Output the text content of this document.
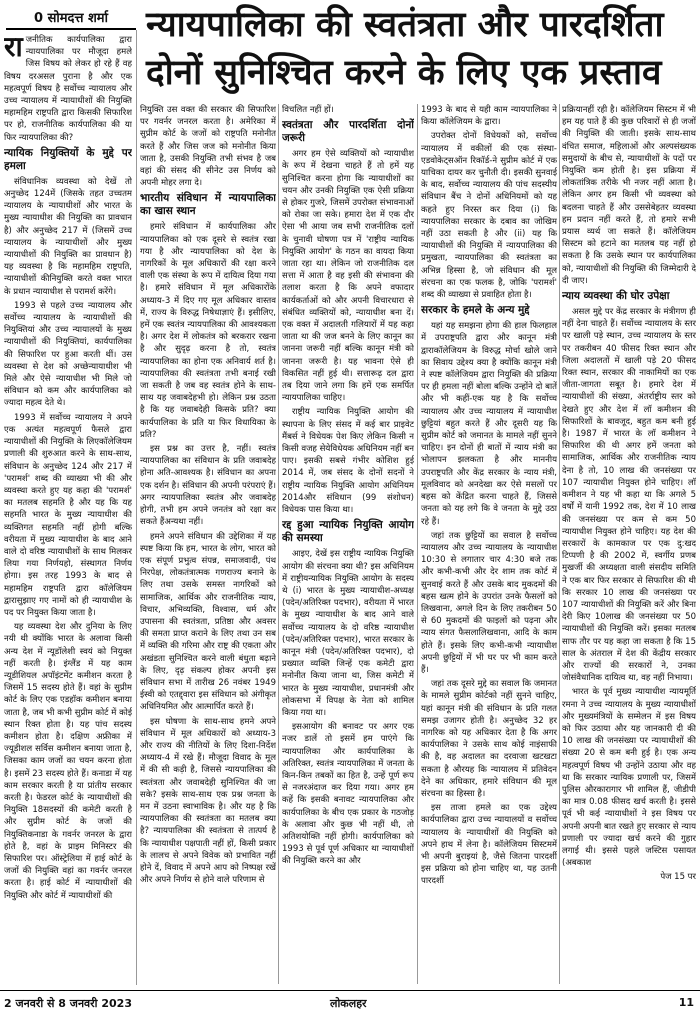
0 सोमदत्त शर्मा	न्यायपालिका की स्वतंत्रता और पारदर्शिता
दोनों सुनिश्चित करने के लिए एक प्रस्ताव

राजनीतिक कार्यपालिका द्वारा न्यायपालिका पर मौजूदा हमले जिस विषय को लेकर हो रहे हैं वह विषय दरअसल पुराना है और एक महत्वपूर्ण विषय है सर्वोच्च न्यायालय और उच्च न्यायालय में न्यायाधीशों की नियुक्ति महामहिम राष्ट्रपति द्वारा किसकी सिफारिश पर हो, राजनीतिक कार्यपालिका की या फिर न्यायपालिका की?

न्यायिक नियुक्तियों के मुद्दे पर हमला

संविधानिक व्यवस्था को देखें तो अनुच्छेद 124में (जिसके तहत उच्चतम न्यायालय के न्यायाधीशों और भारत के मुख्य न्यायाधीश की नियुक्ति का प्रावधान है) और अनुच्छेद 217 में (जिसमें उच्च न्यायालय के न्यायाधीशों और मुख्य न्यायाधीशों की नियुक्ति का प्रावधान है) यह व्यवस्था है कि महामहिम राष्ट्रपति, न्यायाधीशों कीनियुक्ति करते वक्त भारत के प्रधान न्यायाधीश से परामर्श करेंगे।

1993 से पहले उच्च न्यायालय और सर्वोच्च न्यायालय के न्यायाधीशों की नियुक्तियां और उच्च न्यायालयों के मुख्य न्यायाधीशों की नियुक्तियां, कार्यपालिका की सिफारिश पर हुआ करती थीं। उस व्यवस्था से देश को अच्छेन्यायाधीश भी मिले और ऐसे न्यायाधीश भी मिले जो संविधान को कम और कार्यपालिका को ज्यादा महत्व देते थे।

1993 में सर्वोच्च न्यायालय ने अपने एक अत्यंत महत्वपूर्ण फैसले द्वारा न्यायाधीशों की नियुक्ति के लिएकॉलेजियम प्रणाली की शुरुआत करने के साथ-साथ, संविधान के अनुच्छेद 124 और 217 में 'परामर्श' शब्द की व्याख्या भी की और व्यवस्था करते हुए यह कहा की 'परामर्श' का मतलब सहमति है और यह कि यह सहमति भारत के मुख्य न्यायाधीश की व्यक्तिगत सहमति नहीं होगी बल्कि वरीयता में मुख्य न्यायाधीश के बाद आने वाले दो वरिष्ठ न्यायाधीशों के साथ मिलकर लिया गया निर्णयहो, संस्थागत निर्णय होगा। इस तरह 1993 के बाद से महामहिम राष्ट्रपति द्वारा कॉलेजियम द्वारासुझाए गए नामों को ही न्यायाधीश के पद पर नियुक्त किया जाता है।

यह व्यवस्था देश और दुनिया के लिए नयी थी क्योंकि भारत के अलावा किसी अन्य देश में न्यूडॉलेशी स्वयं को नियुक्त नहीं करती है। इंग्लैंड में यह काम न्यूडीशियल अपॉइंटमेंट कमीशन करता है जिसमें 15 सदस्य होते हैं। वहां के सुप्रीम कोर्ट के लिए एक एडहॉक कमीशन बनाया जाता है, जब भी कभी सुप्रीम कोर्ट में कोई स्थान रिक्त होता है। यह पांच सदस्य कमीशन होता है। दक्षिण अफ्रीका में ज्यूडीशल सर्विस कमीशन बनाया जाता है, जिसका काम जजों का चयन करना होता है। इसमें 23 सदस्य होते हैं। कनाडा में यह काम सरकार करती है या प्रांतीय सरकार करती है। फेडरल कोर्ट के न्यायाधीशों की नियुक्ति 18सदस्यों की कमेटी करती है और सुप्रीम कोर्ट के जजों की नियुक्तिकनाडा के गवर्नर जनरल के द्वारा होते है, वहां के प्राइम मिनिस्टर की सिफारिश पर। ऑस्ट्रेलिया में हाई कोर्ट के जजों की नियुक्ति वहां का गवर्नर जनरल करता है। हाई कोर्ट में न्यायाधीशों की नियुक्ति और कोर्ट में न्यायाधीशों की

नियुक्ति उस वक्त की सरकार की सिफारिश पर गवर्नर जनरल करता है। अमेरिका में सुप्रीम कोर्ट के जजों को राष्ट्रपति मनोनीत करते हैं और जिस जज को मनोनीत किया जाता है, उसकी नियुक्ति तभी संभव है जब वहां की संसद की सीनेट उस निर्णय को अपनी मोहर लगा दे।

भारतीय संविधान में न्यायपालिका का खास स्थान

हमारे संविधान में कार्यपालिका और न्यायपालिका को एक दूसरे से स्वतंत्र रखा गया है और न्यायपालिका को देश के नागरिकों के मूल अधिकारों की रक्षा करने वाली एक संस्था के रूप में दायित्व दिया गया है। हमारे संविधान में मूल अधिकारोंके अध्याय-3 में दिए गए मूल अधिकार वास्तव में, राज्य के विरुद्ध निषेधाज्ञाएं हैं। इसीलिए, हमें एक स्वतंत्र न्यायपालिका की आवश्यकता है। अगर देश में लोकतंत्र को बरकरार रखना है और सुदृढ़ करना है तो, स्वतंत्र न्यायपालिका का होना एक अनिवार्य शर्त है। न्यायपालिका की स्वतंत्रता तभी बनाई रखी जा सकती है जब वह स्वतंत्र होने के साथ-साथ यह जवाबदेहभी हो। लेकिन प्रश्न उठता है कि यह जवाबदेही किसके प्रति? क्या कार्यपालिका के प्रति या फिर विधायिका के प्रति?

इस प्रश्न का उत्तर है, नहीं। स्वतंत्र न्यायपालिका का संविधान के प्रति जवाबदेह होना अति-आवश्यक है। संविधान का अपना एक दर्शन है। संविधान की अपनी परंपराएं हैं। अगर न्यायपालिका स्वतंत्र और जवाबदेह होगी, तभी हम अपने जनतंत्र को रक्षा कर सकते हैंअन्यथा नहीं।

हमने अपने संविधान की उद्देशिका में यह स्पष्ट किया कि हम, भारत के लोग, भारत को एक संपूर्ण प्रभुत्व संपन्न, समाजवादी, पंथ निरपेक्ष, लोकतंत्रात्मक गणराज्य बनाने के लिए तथा उसके समस्त नागरिकों को सामाजिक, आर्थिक और राजनीतिक न्याय, विचार, अभिव्यक्ति, विश्वास, धर्म और उपासना की स्वतंत्रता, प्रतिष्ठा और अवसर की समता प्राप्त कराने के लिए तथा उन सब में व्यक्ति की गरिमा और राष्ट्र की एकता और अखंडता सुनिश्चित करने वाली बंधुता बढ़ाने के लिए, दृढ़ संकल्प होकर अपनी इस संविधान सभा में तारीख 26 नवंबर 1949 ईस्वी को एतद्द्वारा इस संविधान को अंगीकृत अधिनियमित और आत्मार्पित करते हैं।

इस घोषणा के साथ-साथ हमने अपने संविधान में मूल अधिकारों को अध्याय-3 और राज्य की नीतियों के लिए दिशा-निर्देश अध्याय-4 में रखे हैं। मौजूदा विवाद के मूल में की सी कड़ी है, जिससे न्यायपालिका की स्वतंत्रता और जवाबदेही सुनिश्चित की जा सके? इसके साथ-साथ एक प्रश्न जनता के मन में उठना स्वाभाविक है। और यह है कि न्यायपालिका की स्वतंत्रता का मतलब क्या है? न्यायपालिका की स्वतंत्रता से तात्पर्य है कि न्यायाधीश पक्षपाती नहीं हों, किसी प्रकार के लालच से अपने विवेक को प्रभावित नहीं होने दें, विवाद में अपने आप को निष्पक्ष रखें और अपने निर्णय से होने वाले परिणाम से

विचलित नहीं हों।

स्वतंत्रता और पारदर्शिता दोनों जरूरी

अगर हम ऐसे व्यक्तियों को न्यायाधीश के रूप में देखना चाहते हैं तो हमें यह सुनिश्चित करना होगा कि न्यायाधीशों का चयन और उनकी नियुक्ति एक ऐसी प्रक्रिया से होकर गुजरे, जिसमें उपरोक्त संभावनाओं को रोका जा सके। हमारा देश में एक दौर ऐसा भी आया जब सभी राजनीतिक दलों के चुनावी घोषणा पत्र में 'राष्ट्रीय न्यायिक नियुक्ति आयोग' के गठन का वायदा किया जाता रहा था। लेकिन जो राजनीतिक दल सत्ता में आता है वह इसी की संभावना की तलाश करता है कि अपने वफादार कार्यकर्ताओं को और अपनी विचारधारा से संबंधित व्यक्तियों को, न्यायाधीश बना दें। एक वक्त में अदालती गलियारों में यह कहा जाता था की जज बनने के लिए कानून का जानना जरूरी नहीं बल्कि कानून मंत्री को जानना जरूरी है। यह भावना ऐसे ही विकसित नहीं हुई थी। सत्तारूढ़ दल द्वारा तब दिया जाने लगा कि हमें एक समर्पित न्यायपालिका चाहिए।

राष्ट्रीय न्यायिक नियुक्ति आयोग की स्थापना के लिए संसद में कई बार प्राइवेट मैंबर्स ने विधेयक पेश किए लेकिन किसी न किसी वजह सेयेविधेयक अधिनियम नहीं बन पाए। इसकी सबसे गंभीर कोशिश हुई 2014 में, जब संसद के दोनों सदनों ने राष्ट्रीय न्यायिक नियुक्ति आयोग अधिनियम 2014और संविधान (99 संशोधन) विधेयक पास किया था।

रद्द हुआ न्यायिक नियुक्ति आयोग की समस्या

आइए, देखें इस राष्ट्रीय न्यायिक नियुक्ति आयोग की संरचना क्या थी? इस अधिनियम में राष्ट्रीयन्यायिक नियुक्ति आयोग के सदस्य थे (i) भारत के मुख्य न्यायाधीश-अध्यक्ष (पदेन/अतिरिक्त पदभार), वरीयता में भारत के मुख्य न्यायाधीश के बाद आने वाले सर्वोच्च न्यायालय के दो वरिष्ठ न्यायाधीश (पदेन/अतिरिक्त पदभार), भारत सरकार के कानून मंत्री (पदेन/अतिरिक्त पदभार), दो प्रख्यात व्यक्ति जिन्हें एक कमेटी द्वारा मनोनीत किया जाना था, जिस कमेटी में भारत के मुख्य न्यायाधीश, प्रधानमंत्री और लोकसभा में विपक्ष के नेता को शामिल किया गया था।

इसआयोग की बनावट पर अगर एक नजर डालें तो इसमें हम पाएंगे कि न्यायपालिका और कार्यपालिका के अतिरिक्त, स्वतंत्र न्यायपालिका में जनता के किन-किन तबकों का हित है, उन्हें पूर्ण रूप से नजरअंदाज कर दिया गया। अगर हम कहें कि इसकी बनावट न्यायपालिका और कार्यपालिका के बीच एक प्रकार के गठजोड़ के अलावा और कुछ भी नहीं थी, तो अतिशयोक्ति नहीं होगी। कार्यपालिका को 1993 से पूर्व पूर्ण अधिकार था न्यायाधीशों की नियुक्ति करने का और

1993 के बाद से यही काम न्यायपालिका ने किया कॉलेजियम के द्वारा।

उपरोक्त दोनों विधेयकों को, सर्वोच्च न्यायालय में वकीलों की एक संस्था-एडवोकेट्सऑन रिकॉर्ड-ने सुप्रीम कोर्ट में एक याचिका दायर कर चुनौती दी। इसकी सुनवाई के बाद, सर्वोच्च न्यायालय की पांच सदस्यीय संविधान बैंच ने दोनों अधिनियमों को यह कहते हुए निरस्त कर दिया (i) कि न्यायपालिका सरकार के दबाव का जोखिम नहीं उठा सकती है और (ii) यह कि न्यायाधीशों की नियुक्ति में न्यायपालिका की प्रमुखता, न्यायपालिका की स्वतंत्रता का अभिन्न हिस्सा है, जो संविधान की मूल संरचना का एक फलक है, जोकि 'परामर्श' शब्द की व्याख्या से प्रवाहित होता है।

सरकार के हमले के अन्य मुद्दे

यहां यह समझना होगा की हाल फिलहाल में उपराष्ट्रपति द्वारा और कानून मंत्री द्वाराकॉलेजियम के विरुद्ध मोर्चा खोले जाने का सिवाय उद्देश्य क्या है क्योंकि कानून मंत्री ने स्पष्ट कॉलेजियम द्वारा नियुक्ति की प्रक्रिया पर ही हमला नहीं बोला बल्कि उन्होंने दो बातें और भी कहीं-एक यह है कि सर्वोच्च न्यायालय और उच्च न्यायालय में न्यायाधीश छुट्टियां बहुत करते हैं और दूसरी यह कि सुप्रीम कोर्ट को जमानत के मामले नहीं सुनने चाहिए। इन दोनों ही बातों में न्याय मंत्री का भोलापन झलकता है और माननीय उपराष्ट्रपति और केंद्र सरकार के न्याय मंत्री, मूलविवाद को अनदेखा कर ऐसे मसलों पर बहस को केंद्रित करना चाहते हैं, जिससे जनता को यह लगे कि वे जनता के मुद्दे उठा रहे हैं।

जहां तक छुट्टियों का सवाल है सर्वोच्च न्यायालय और उच्च न्यायालय के न्यायाधीश 10:30 से लगातार चार 4:30 बजे तक और कभी-कभी और देर शाम तक कोर्ट में सुनवाई करते हैं और उसके बाद मुकदमों की बहस खत्म होने के उपरांत उनके फैसलों को लिखवाना, अगले दिन के लिए तकरीबन 50 से 60 मुकदमों की फाइलों को पढ़ना और न्याय संगत फैसलालिखवाना, आदि के काम होते हैं। इसके लिए कभी-कभी न्यायाधीश अपनी छुट्टियों में भी घर पर भी काम करते हैं।

जहां तक दूसरे मुद्दे का सवाल कि जमानत के मामले सुप्रीम कोर्टको नहीं सुनने चाहिए, यहां कानून मंत्री की संविधान के प्रति गलत समझ उजागर होती है। अनुच्छेद 32 हर नागरिक को यह अधिकार देता है कि अगर कार्यपालिका ने उसके साथ कोई नाइंसाफी की है, वह अदालत का दरवाजा खटखटा सकता है औरयह कि न्यायालय में प्रतिवेदन देने का अधिकार, हमारे संविधान की मूल संरचना का हिस्सा है।

इस ताजा हमले का एक उद्देश्य कार्यपालिका द्वारा उच्च न्यायालयों व सर्वोच्च न्यायालय के न्यायाधीशों की नियुक्ति को अपने हाथ में लेना है। कॉलेजियम सिस्टममें भी अपनी बुराइयां है, जैसे जितना पारदर्शी इस प्रक्रिया को होना चाहिए था, यह उतनी पारदर्शी

प्रक्रियानहीं रही है। कॉलेजियम सिस्टम में भी हम यह पाते हैं की कुछ परिवारों से ही जजों की नियुक्ति की जाती। इसके साथ-साथ वंचित समाज, महिलाओं और अल्पसंख्यक समुदायों के बीच से, न्यायाधीशों के पदों पर नियुक्ति कम होती है। इस प्रक्रिया में लोकतांत्रिक तरीके भी नजर नहीं आता है। लेकिन अगर हम किसी भी व्यवस्था को बदलना चाहते हैं और उससेबेहतर व्यवस्था हम प्रदान नहीं करते हैं, तो हमारे सभी प्रयास व्यर्थ जा सकते हैं। कॉलेजियम सिस्टम को हटाने का मतलब यह नहीं हो सकता है कि उसके स्थान पर कार्यपालिका को, न्यायाधीशों की नियुक्ति की जिम्मेदारी दे दी जाए।

न्याय व्यवस्था की घोर उपेक्षा

असल मुद्दे पर केंद्र सरकार के मंत्रीगण ही नहीं देना चाहते हैं। सर्वोच्च न्यायालय के स्तर पर खाली पड़े स्थान, उच्च न्यायालय के स्तर पर तकरीबन 40 फीसद रिक्त स्थान और जिला अदालतों में खाली पड़े 20 फीसद रिक्त स्थान, सरकार की नाकामियों का एक जीता-जागता सबूत है। हमारे देश में न्यायाधीशों की संख्या, अंतर्राष्ट्रीय स्तर को देखते हुए और देश में लॉ कमीशन की सिफारिशों के बावजूद, बहुत कम बनी हुई है। 1987 में भारत के लॉ कमीशन ने सिफारिश की थी अगर हमें जनता को सामाजिक, आर्थिक और राजनीतिक न्याय देना है तो, 10 लाख की जनसंख्या पर 107 न्यायाधीश नियुक्त होने चाहिए। लॉ कमीशन ने यह भी कहा था कि अगले 5 वर्षों में यानी 1992 तक, देश में 10 लाख की जनसंख्या पर कम से कम 50 न्यायाधीश नियुक्त होने चाहिए। यह देश की सरकारों के कामकाज पर एक दु:खद टिप्पणी है की 2002 में, स्वर्गीय प्रणब मुखर्जी की अध्यक्षता वाली संसदीय समिति ने एक बार फिर सरकार से सिफारिश की थी कि सरकार 10 लाख की जनसंख्या पर 107 न्यायाधीशों की नियुक्ति करें और बिना देरी किए 10लाख की जनसंख्या पर 50 न्यायाधीशों की नियुक्ति करें। इसका मतलब साफ तौर पर यह कहा जा सकता है कि 15 साल के अंतराल में देश की केंद्रीय सरकार और राज्यों की सरकारों ने, उनका जोसंवैधानिक दायित्व था, वह नहीं निभाया।

भारत के पूर्व मुख्य न्यायाधीश न्यायमूर्ति रमना ने उच्च न्यायालय के मुख्य न्यायाधीशों और मुख्यमंत्रियों के सम्मेलन में इस विषय को फिर उठाया और यह जानकारी दी की 10 लाख की जनसंख्या पर न्यायाधीशों की संख्या 20 से कम बनी हुई है। एक अन्य महत्वपूर्ण विषय भी उन्होंने उठाया और वह था कि सरकार न्यायिक प्रणाली पर, जिसमें पुलिस औरकारागार भी शामिल हैं, जीडीपी का मात्र 0.08 फीसद खर्च करती है। इससे पूर्व भी कई न्यायाधीशों ने इस विषय पर अपनी अपनी बात रखते हुए सरकार से न्याय प्रणाली पर ज्यादा खर्च करने की गुहार लगाई थी। इससे पहले जस्टिस पसायत (अबकाश

पेज 15 पर

2 जनवरी से 8 जनवरी 2023	लोकलहर	11
